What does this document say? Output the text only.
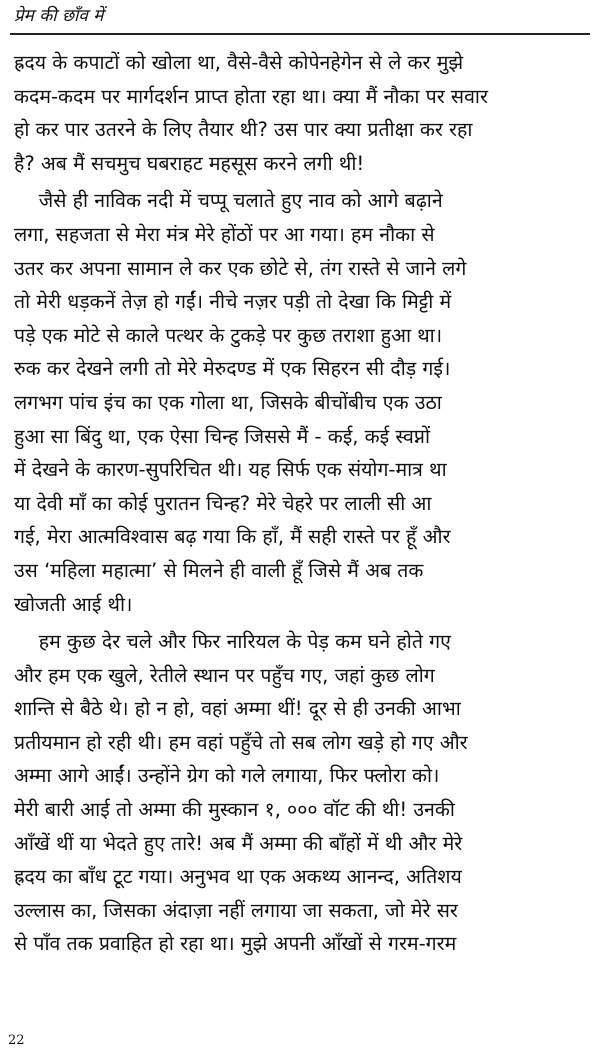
प्रेम की छाँव में
ह्रदय के कपाटों को खोला था, वैसे-वैसे कोपेनहेगेन से ले कर मुझे
कदम-कदम पर मार्गदर्शन प्राप्त होता रहा था। क्या मैं नौका पर सवार
हो कर पार उतरने के लिए तैयार थी? उस पार क्या प्रतीक्षा कर रहा
है? अब मैं सचमुच घबराहट महसूस करने लगी थी!
जैसे ही नाविक नदी में चप्पू चलाते हुए नाव को आगे बढ़ाने
लगा, सहजता से मेरा मंत्र मेरे होंठों पर आ गया। हम नौका से
उतर कर अपना सामान ले कर एक छोटे से, तंग रास्ते से जाने लगे
तो मेरी धड़कनें तेज़ हो गईं। नीचे नज़र पड़ी तो देखा कि मिट्टी में
पड़े एक मोटे से काले पत्थर के टुकड़े पर कुछ तराशा हुआ था।
रुक कर देखने लगी तो मेरे मेरुदण्ड में एक सिहरन सी दौड़ गई।
लगभग पांच इंच का एक गोला था, जिसके बीचोंबीच एक उठा
हुआ सा बिंदु था, एक ऐसा चिन्ह जिससे मैं - कई, कई स्वप्नों
में देखने के कारण-सुपरिचित थी। यह सिर्फ एक संयोग-मात्र था
या देवी माँ का कोई पुरातन चिन्ह? मेरे चेहरे पर लाली सी आ
गई, मेरा आत्मविश्वास बढ़ गया कि हाँ, मैं सही रास्ते पर हूँ और
उस ‘महिला महात्मा’ से मिलने ही वाली हूँ जिसे मैं अब तक
खोजती आई थी।
हम कुछ देर चले और फिर नारियल के पेड़ कम घने होते गए
और हम एक खुले, रेतीले स्थान पर पहुँच गए, जहां कुछ लोग
शान्ति से बैठे थे। हो न हो, वहां अम्मा थीं! दूर से ही उनकी आभा
प्रतीयमान हो रही थी। हम वहां पहुँचे तो सब लोग खड़े हो गए और
अम्मा आगे आईं। उन्होंने ग्रेग को गले लगाया, फिर फ्लोरा को।
मेरी बारी आई तो अम्मा की मुस्कान १, ००० वॉट की थी! उनकी
आँखें थीं या भेदते हुए तारे! अब मैं अम्मा की बाँहों में थी और मेरे
ह्रदय का बाँध टूट गया। अनुभव था एक अकथ्य आनन्द, अतिशय
उल्लास का, जिसका अंदाज़ा नहीं लगाया जा सकता, जो मेरे सर
से पाँव तक प्रवाहित हो रहा था। मुझे अपनी आँखों से गरम-गरम
22
